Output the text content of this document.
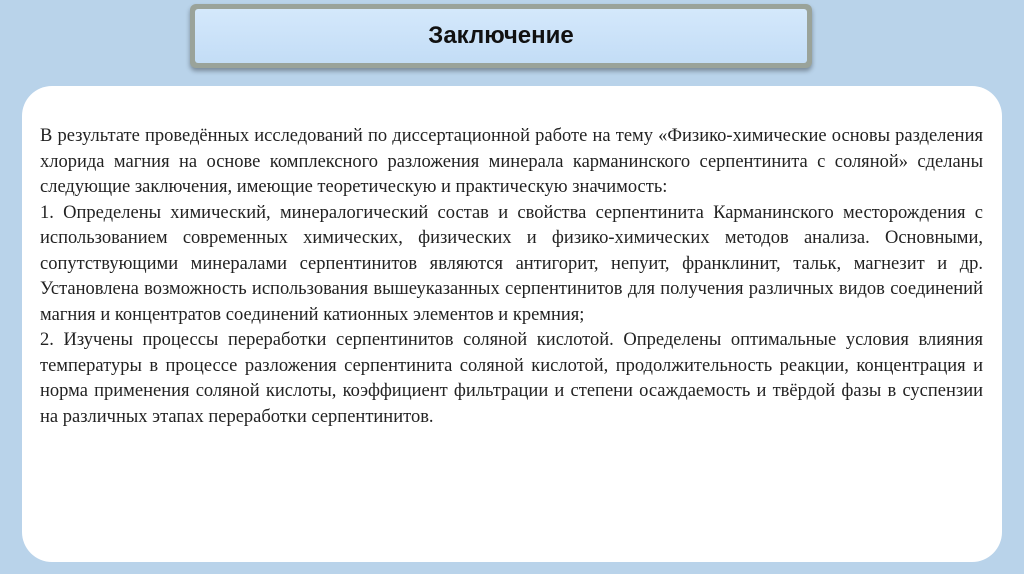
Заключение

В результате проведённых исследований по диссертационной работе на тему «Физико-химические основы разделения хлорида магния на основе комплексного разложения минерала карманинского серпентинита с соляной» сделаны следующие заключения, имеющие теоретическую и практическую значимость:

1. Определены химический, минералогический состав и свойства серпентинита Карманинского месторождения с использованием современных химических, физических и физико-химических методов анализа. Основными, сопутствующими минералами серпентинитов являются антигорит, непуит, франклинит, тальк, магнезит и др. Установлена возможность использования вышеуказанных серпентинитов для получения различных видов соединений магния и концентратов соединений катионных элементов и кремния;

2. Изучены процессы переработки серпентинитов соляной кислотой. Определены оптимальные условия влияния температуры в процессе разложения серпентинита соляной кислотой, продолжительность реакции, концентрация и норма применения соляной кислоты, коэффициент фильтрации и степени осаждаемость и твёрдой фазы в суспензии на различных этапах переработки серпентинитов.
